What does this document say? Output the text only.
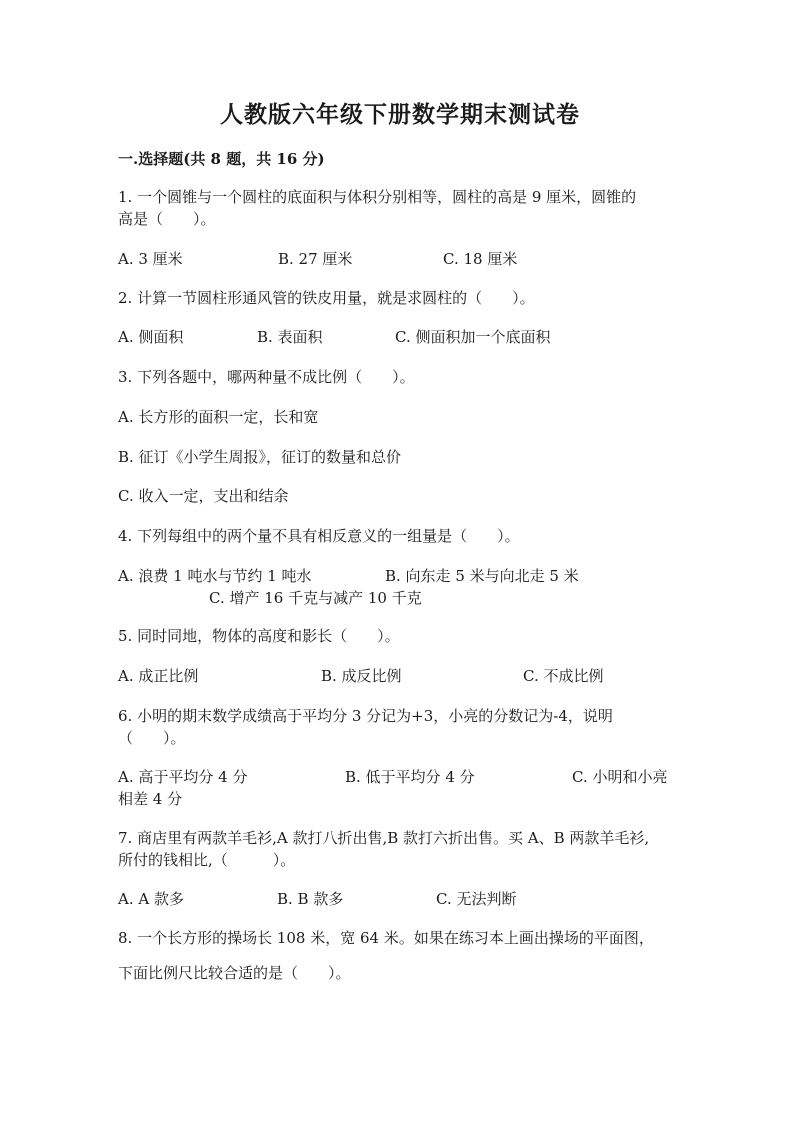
人教版六年级下册数学期末测试卷

一.选择题(共 8 题，共 16 分)

1. 一个圆锥与一个圆柱的底面积与体积分别相等，圆柱的高是 9 厘米，圆锥的

高是（　　）。

A. 3 厘米	B. 27 厘米	C. 18 厘米

2. 计算一节圆柱形通风管的铁皮用量，就是求圆柱的（　　）。

A. 侧面积	B. 表面积	C. 侧面积加一个底面积

3. 下列各题中，哪两种量不成比例（　　）。

A. 长方形的面积一定，长和宽
B. 征订《小学生周报》，征订的数量和总价
C. 收入一定，支出和结余

4. 下列每组中的两个量不具有相反意义的一组量是（　　）。

A. 浪费 1 吨水与节约 1 吨水	B. 向东走 5 米与向北走 5 米
C. 增产 16 千克与减产 10 千克

5. 同时同地，物体的高度和影长（　　）。

A. 成正比例	B. 成反比例	C. 不成比例

6. 小明的期末数学成绩高于平均分 3 分记为+3，小亮的分数记为-4，说明

（　　）。

A. 高于平均分 4 分	B. 低于平均分 4 分	C. 小明和小亮
相差 4 分

7. 商店里有两款羊毛衫,A 款打八折出售,B 款打六折出售。买 A、B 两款羊毛衫,

所付的钱相比,（　　　）。

A. A 款多	B. B 款多	C. 无法判断

8. 一个长方形的操场长 108 米，宽 64 米。如果在练习本上画出操场的平面图，

下面比例尺比较合适的是（　　）。
